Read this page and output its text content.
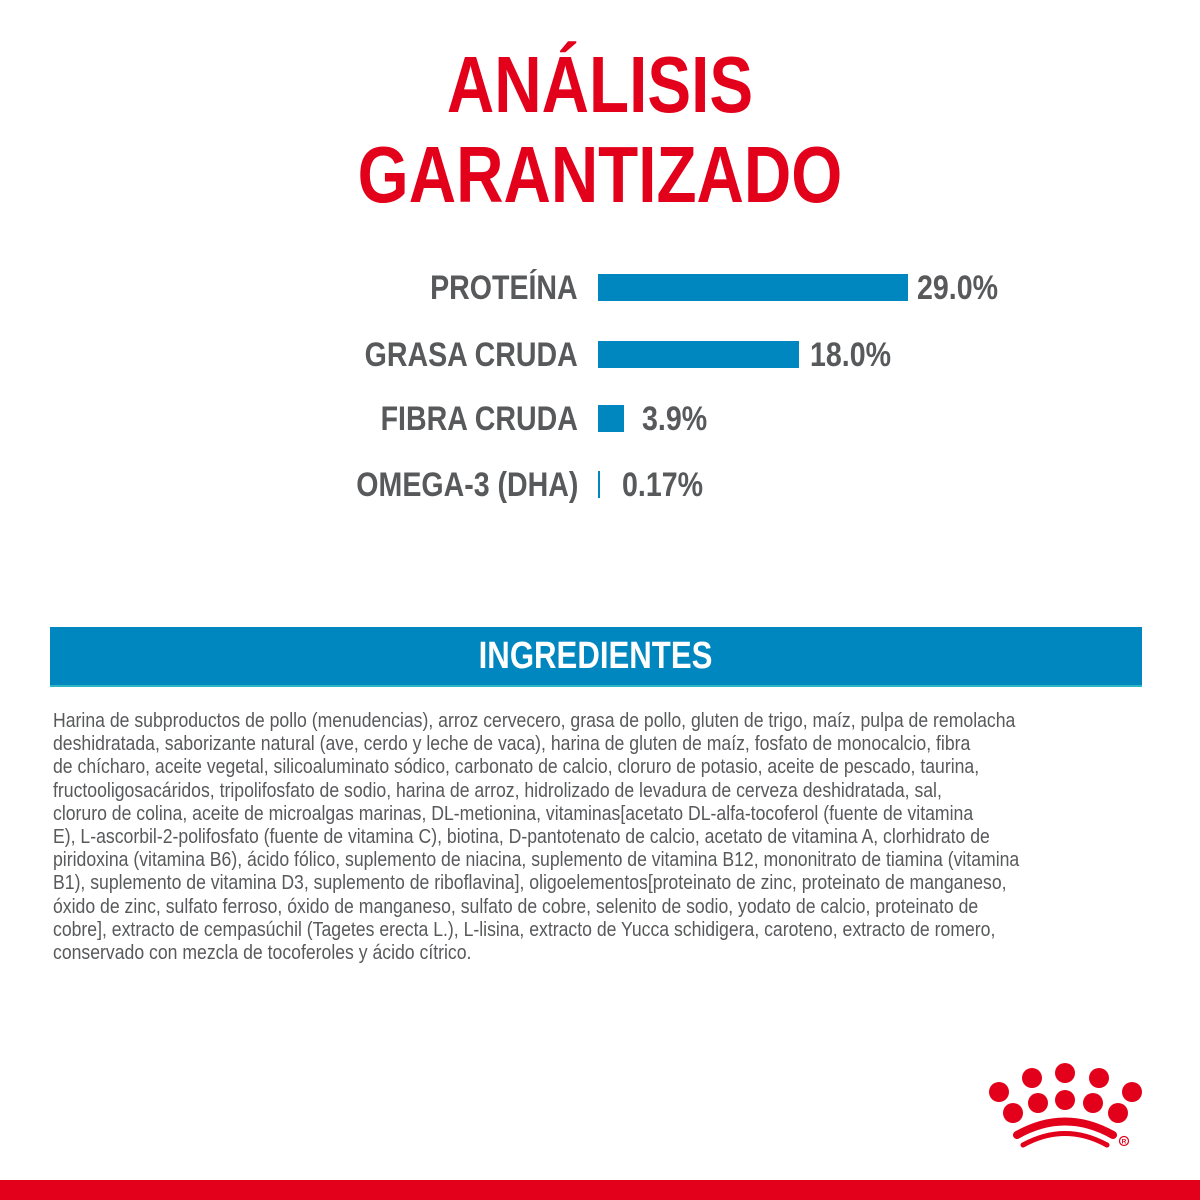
ANÁLISIS
GARANTIZADO
PROTEÍNA	29.0%
GRASA CRUDA	18.0%
FIBRA CRUDA 3.9%
OMEGA-3 (DHA) 0.17%
INGREDIENTES
Harina de subproductos de pollo (menudencias), arroz cervecero, grasa de pollo, gluten de trigo, maíz, pulpa de remolacha
deshidratada, saborizante natural (ave, cerdo y leche de vaca), harina de gluten de maíz, fosfato de monocalcio, fibra
de chícharo, aceite vegetal, silicoaluminato sódico, carbonato de calcio, cloruro de potasio, aceite de pescado, taurina,
fructooligosacáridos, tripolifosfato de sodio, harina de arroz, hidrolizado de levadura de cerveza deshidratada, sal,
cloruro de colina, aceite de microalgas marinas, DL-metionina, vitaminas[acetato DL-alfa-tocoferol (fuente de vitamina
E), L-ascorbil-2-polifosfato (fuente de vitamina C), biotina, D-pantotenato de calcio, acetato de vitamina A, clorhidrato de
piridoxina (vitamina B6), ácido fólico, suplemento de niacina, suplemento de vitamina B12, mononitrato de tiamina (vitamina
B1), suplemento de vitamina D3, suplemento de riboflavina], oligoelementos[proteinato de zinc, proteinato de manganeso,
óxido de zinc, sulfato ferroso, óxido de manganeso, sulfato de cobre, selenito de sodio, yodato de calcio, proteinato de
cobre], extracto de cempasúchil (Tagetes erecta L.), L-lisina, extracto de Yucca schidigera, caroteno, extracto de romero,
conservado con mezcla de tocoferoles y ácido cítrico.
R
